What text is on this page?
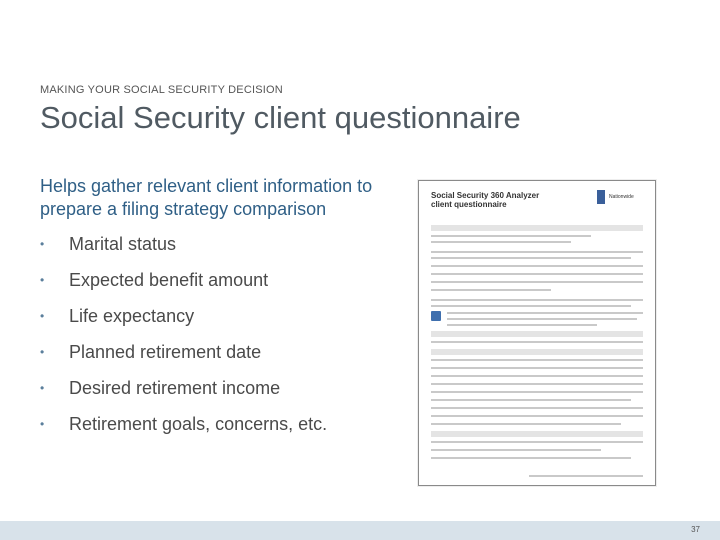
MAKING YOUR SOCIAL SECURITY DECISION
Social Security client questionnaire
Helps gather relevant client information to prepare a filing strategy comparison
•	Marital status
•	Expected benefit amount
•	Life expectancy
•	Planned retirement date
•	Desired retirement income
•	Retirement goals, concerns, etc.
Social Security 360 Analyzer client questionnaire
Nationwide
37
